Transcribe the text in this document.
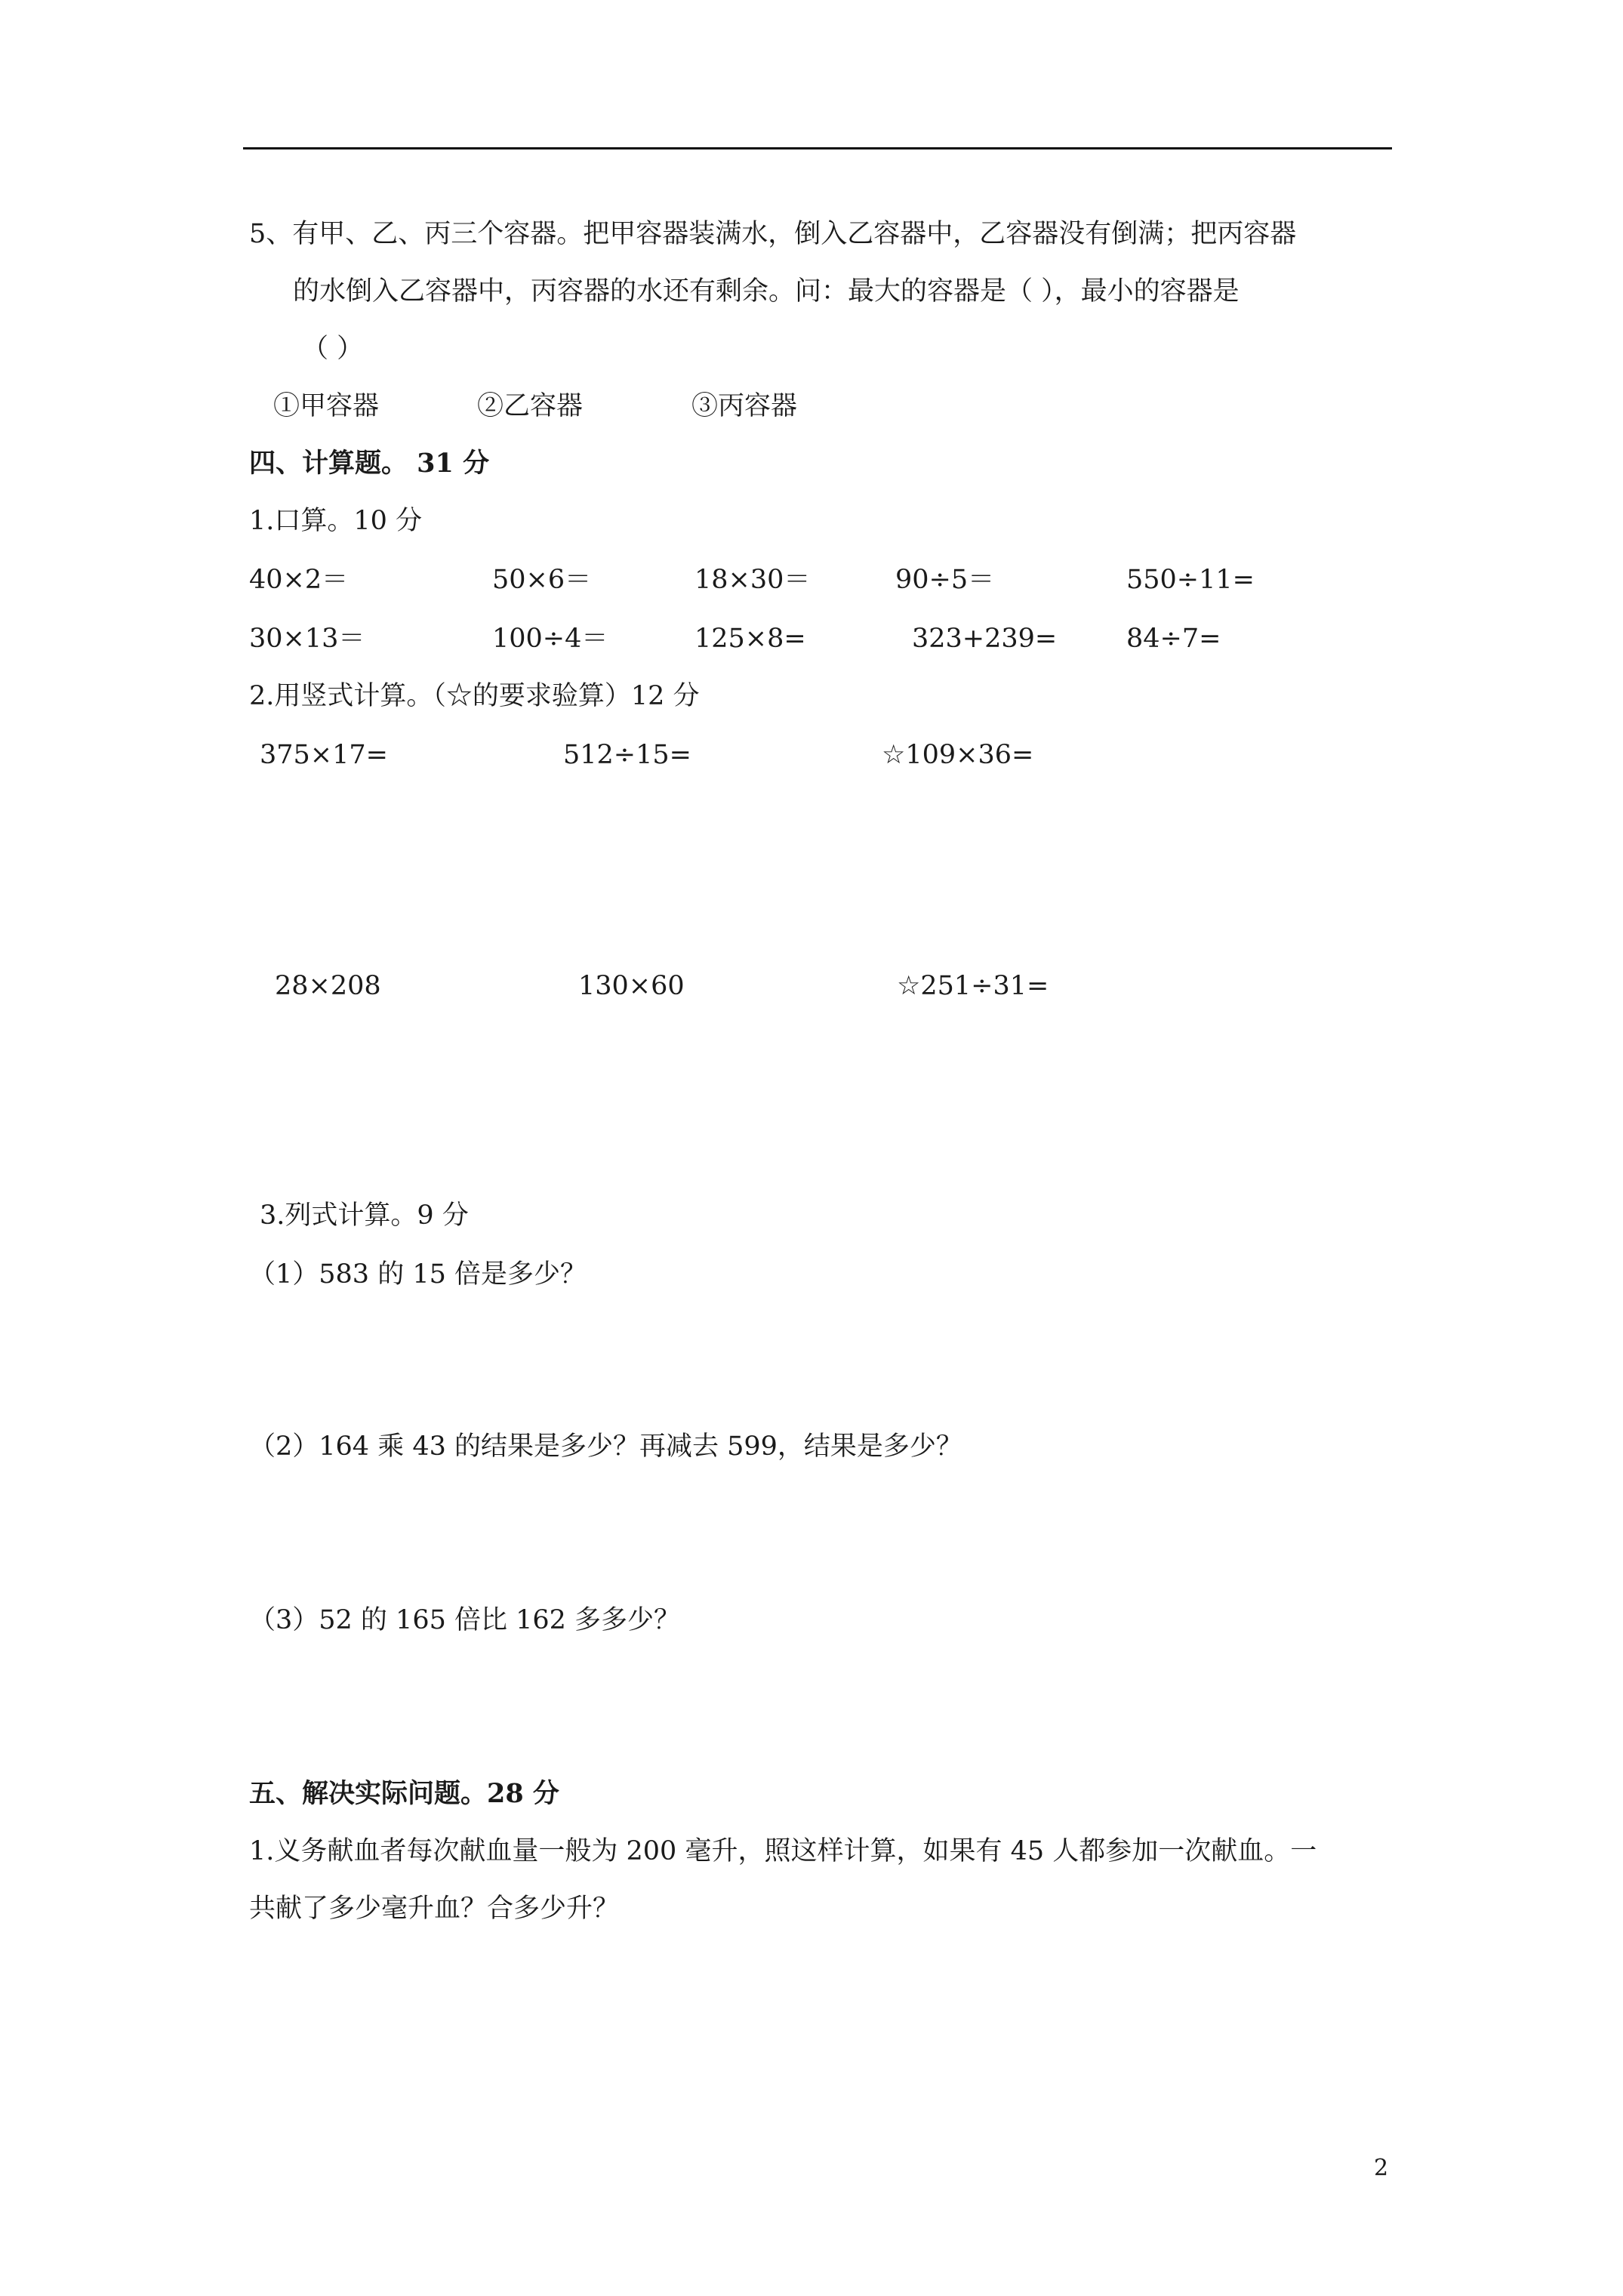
5、有甲、乙、丙三个容器。把甲容器装满水，倒入乙容器中，乙容器没有倒满；把丙容器
的水倒入乙容器中，丙容器的水还有剩余。问：最大的容器是（ ），最小的容器是
（ ）
①甲容器	②乙容器	③丙容器
四、计算题。 31 分
1.口算。10 分
40×2＝	50×6＝	18×30＝	90÷5＝	550÷11=
30×13＝	100÷4＝	125×8=	323+239=	84÷7=
2.用竖式计算。（☆的要求验算）12 分
375×17=	512÷15=	☆109×36=
28×208	130×60	☆251÷31=
3.列式计算。9 分
（1）583 的 15 倍是多少？
（2）164 乘 43 的结果是多少？再减去 599，结果是多少？
（3）52 的 165 倍比 162 多多少？
五、解决实际问题。28 分
1.义务献血者每次献血量一般为 200 毫升，照这样计算，如果有 45 人都参加一次献血。一
共献了多少毫升血？合多少升？
2
